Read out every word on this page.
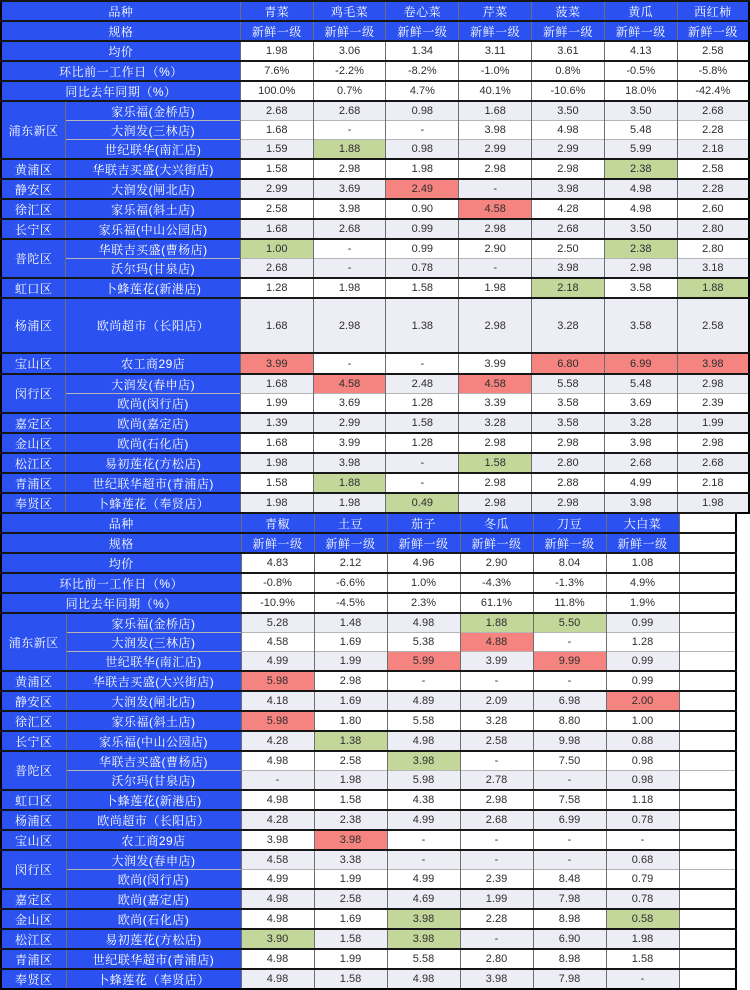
品种		青菜	鸡毛菜	卷心菜	芹菜	菠菜	黄瓜	西红柿
规格		新鲜一级	新鲜一级	新鲜一级	新鲜一级	新鲜一级	新鲜一级	新鲜一级
均价		1.98	3.06	1.34	3.11	3.61	4.13	2.58
环比前一工作日（%）		7.6%	-2.2%	-8.2%	-1.0%	0.8%	-0.5%	-5.8%
同比去年同期（%）		100.0%	0.7%	4.7%	40.1%	-10.6%	18.0%	-42.4%
浦东新区	家乐福(金桥店)	2.68	2.68	0.98	1.68	3.50	3.50	2.68
	大润发(三林店)	1.68	-	-	3.98	4.98	5.48	2.28
	世纪联华(南汇店)	1.59	1.88	0.98	2.99	2.99	5.99	2.18
黄浦区	华联吉买盛(大兴街店)	1.58	2.98	1.98	2.98	2.98	2.38	2.58
静安区	大润发(闸北店)	2.99	3.69	2.49	-	3.98	4.98	2.28
徐汇区	家乐福(斜土店)	2.58	3.98	0.90	4.58	4.28	4.98	2.60
长宁区	家乐福(中山公园店)	1.68	2.68	0.99	2.98	2.68	3.50	2.80
普陀区	华联吉买盛(曹杨店)	1.00	-	0.99	2.90	2.50	2.38	2.80
	沃尔玛(甘泉店)	2.68	-	0.78	-	3.98	2.98	3.18
虹口区	卜蜂莲花(新港店)	1.28	1.98	1.58	1.98	2.18	3.58	1.88
杨浦区	欧尚超市（长阳店）	1.68	2.98	1.38	2.98	3.28	3.58	2.58
宝山区	农工商29店	3.99	-	-	3.99	6.80	6.99	3.98
闵行区	大润发(春申店)	1.68	4.58	2.48	4.58	5.58	5.48	2.98
	欧尚(闵行店)	1.99	3.69	1.28	3.39	3.58	3.69	2.39
嘉定区	欧尚(嘉定店)	1.39	2.99	1.58	3.28	3.58	3.28	1.99
金山区	欧尚(石化店)	1.68	3.99	1.28	2.98	2.98	3.98	2.98
松江区	易初莲花(方松店)	1.98	3.98	-	1.58	2.80	2.68	2.68
青浦区	世纪联华超市(青浦店)	1.58	1.88	-	2.98	2.88	4.99	2.18
奉贤区	卜蜂莲花（奉贤店）	1.98	1.98	0.49	2.98	2.98	3.98	1.98
品种		青椒	土豆	茄子	冬瓜	刀豆	大白菜	
规格		新鲜一级	新鲜一级	新鲜一级	新鲜一级	新鲜一级	新鲜一级	
均价		4.83	2.12	4.96	2.90	8.04	1.08	
环比前一工作日（%）		-0.8%	-6.6%	1.0%	-4.3%	-1.3%	4.9%	
同比去年同期（%）		-10.9%	-4.5%	2.3%	61.1%	11.8%	1.9%	
浦东新区	家乐福(金桥店)	5.28	1.48	4.98	1.88	5.50	0.99	
	大润发(三林店)	4.58	1.69	5.38	4.88	-	1.28	
	世纪联华(南汇店)	4.99	1.99	5.99	3.99	9.99	0.99	
黄浦区	华联吉买盛(大兴街店)	5.98	2.98	-	-	-	0.99	
静安区	大润发(闸北店)	4.18	1.69	4.89	2.09	6.98	2.00	
徐汇区	家乐福(斜土店)	5.98	1.80	5.58	3.28	8.80	1.00	
长宁区	家乐福(中山公园店)	4.28	1.38	4.98	2.58	9.98	0.88	
普陀区	华联吉买盛(曹杨店)	4.98	2.58	3.98	-	7.50	0.98	
	沃尔玛(甘泉店)	-	1.98	5.98	2.78	-	0.98	
虹口区	卜蜂莲花(新港店)	4.98	1.58	4.38	2.98	7.58	1.18	
杨浦区	欧尚超市（长阳店）	4.28	2.38	4.99	2.68	6.99	0.78	
宝山区	农工商29店	3.98	3.98	-	-	-	-	
闵行区	大润发(春申店)	4.58	3.38	-	-	-	0.68	
	欧尚(闵行店)	4.99	1.99	4.99	2.39	8.48	0.79	
嘉定区	欧尚(嘉定店)	4.98	2.58	4.69	1.99	7.98	0.78	
金山区	欧尚(石化店)	4.98	1.69	3.98	2.28	8.98	0.58	
松江区	易初莲花(方松店)	3.90	1.58	3.98	-	6.90	1.98	
青浦区	世纪联华超市(青浦店)	4.98	1.99	5.58	2.80	8.98	1.58	
奉贤区	卜蜂莲花（奉贤店）	4.98	1.58	4.98	3.98	7.98	-	
